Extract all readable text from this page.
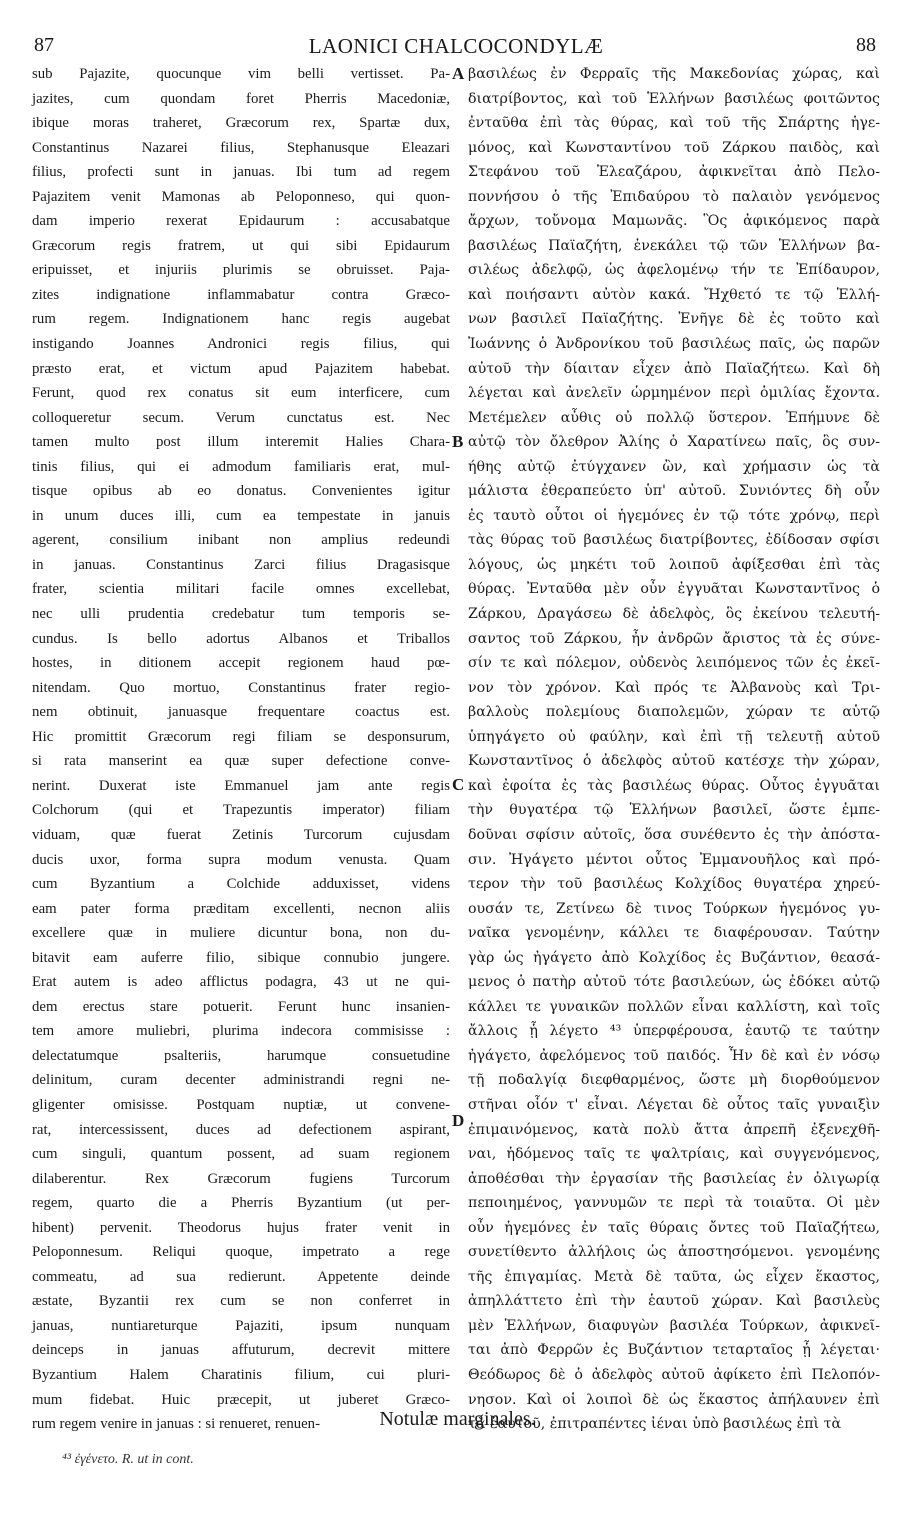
87	LAONICI CHALCOCONDYLÆ	88
sub Pajazite, quocunque vim belli vertisset. Pa-
jazites, cum quondam foret Pherris Macedoniæ,
ibique moras traheret, Græcorum rex, Spartæ dux,
Constantinus Nazarei filius, Stephanusque Eleazari
filius, profecti sunt in januas. Ibi tum ad regem
Pajazitem venit Mamonas ab Peloponneso, qui quon-
dam imperio rexerat Epidaurum : accusabatque
Græcorum regis fratrem, ut qui sibi Epidaurum
eripuisset, et injuriis plurimis se obruisset. Paja-
zites indignatione inflammabatur contra Græco-
rum regem. Indignationem hanc regis augebat
instigando Joannes Andronici regis filius, qui
præsto erat, et victum apud Pajazitem habebat.
Ferunt, quod rex conatus sit eum interficere, cum
colloqueretur secum. Verum cunctatus est. Nec
tamen multo post illum interemit Halies Chara-
tinis filius, qui ei admodum familiaris erat, mul-
tisque opibus ab eo donatus. Convenientes igitur
in unum duces illi, cum ea tempestate in januis
agerent, consilium inibant non amplius redeundi
in januas. Constantinus Zarci filius Dragasisque
frater, scientia militari facile omnes excellebat,
nec ulli prudentia credebatur tum temporis se-
cundus. Is bello adortus Albanos et Triballos
hostes, in ditionem accepit regionem haud pœ-
nitendam. Quo mortuo, Constantinus frater regio-
nem obtinuit, januasque frequentare coactus est.
Hic promittit Græcorum regi filiam se desponsurum,
si rata manserint ea quæ super defectione conve-
nerint. Duxerat iste Emmanuel jam ante regis
Colchorum (qui et Trapezuntis imperator) filiam
viduam, quæ fuerat Zetinis Turcorum cujusdam
ducis uxor, forma supra modum venusta. Quam
cum Byzantium a Colchide adduxisset, videns
eam pater forma præditam excellenti, necnon aliis
excellere quæ in muliere dicuntur bona, non du-
bitavit eam auferre filio, sibique connubio jungere.
Erat autem is adeo afflictus podagra, 43 ut ne qui-
dem erectus stare potuerit. Ferunt hunc insanien-
tem amore muliebri, plurima indecora commisisse :
delectatumque psalteriis, harumque consuetudine
delinitum, curam decenter administrandi regni ne-
gligenter omisisse. Postquam nuptiæ, ut convene-
rat, intercessissent, duces ad defectionem aspirant,
cum singuli, quantum possent, ad suam regionem
dilaberentur. Rex Græcorum fugiens Turcorum
regem, quarto die a Pherris Byzantium (ut per-
hibent) pervenit. Theodorus hujus frater venit in
Peloponnesum. Reliqui quoque, impetrato a rege
commeatu, ad sua redierunt. Appetente deinde
æstate, Byzantii rex cum se non conferret in
januas, nuntiareturque Pajaziti, ipsum nunquam
deinceps in januas affuturum, decrevit mittere
Byzantium Halem Charatinis filium, cui pluri-
mum fidebat. Huic præcepit, ut juberet Græco-
rum regem venire in januas : si renueret, renuen-
βασιλέως ἐν Φερραῖς τῆς Μακεδονίας χώρας, καὶ
διατρίβοντος, καὶ τοῦ Ἑλλήνων βασιλέως φοιτῶντος
ἐνταῦθα ἐπὶ τὰς θύρας, καὶ τοῦ τῆς Σπάρτης ἡγε-
μόνος, καὶ Κωνσταντίνου τοῦ Ζάρκου παιδὸς, καὶ
Στεφάνου τοῦ Ἐλεαζάρου, ἀφικνεῖται ἀπὸ Πελο-
ποννήσου ὁ τῆς Ἐπιδαύρου τὸ παλαιὸν γενόμενος
ἄρχων, τοὔνομα Μαμωνᾶς. Ὃς ἀφικόμενος παρὰ
βασιλέως Παϊαζήτη, ἐνεκάλει τῷ τῶν Ἑλλήνων βα-
σιλέως ἀδελφῷ, ὡς ἀφελομένῳ τήν τε Ἐπίδαυρον,
καὶ ποιήσαντι αὐτὸν κακά. Ἤχθετό τε τῷ Ἑλλή-
νων βασιλεῖ Παϊαζήτης. Ἐνῆγε δὲ ἐς τοῦτο καὶ
Ἰωάννης ὁ Ἀνδρονίκου τοῦ βασιλέως παῖς, ὡς παρῶν
αὐτοῦ τὴν δίαιταν εἶχεν ἀπὸ Παϊαζήτεω. Καὶ δὴ
λέγεται καὶ ἀνελεῖν ὡρμημένον περὶ ὁμιλίας ἔχοντα.
Μετέμελεν αὖθις οὐ πολλῷ ὕστερον. Ἐπήμυνε δὲ
αὐτῷ τὸν ὄλεθρον Ἀλίης ὁ Χαρατίνεω παῖς, ὃς συν-
ήθης αὐτῷ ἐτύγχανεν ὢν, καὶ χρήμασιν ὡς τὰ
μάλιστα ἐθεραπεύετο ὑπ' αὐτοῦ. Συνιόντες δὴ οὖν
ἐς ταυτὸ οὗτοι οἱ ἡγεμόνες ἐν τῷ τότε χρόνῳ, περὶ
τὰς θύρας τοῦ βασιλέως διατρίβοντες, ἐδίδοσαν σφίσι
λόγους, ὡς μηκέτι τοῦ λοιποῦ ἀφίξεσθαι ἐπὶ τὰς
θύρας. Ἐνταῦθα μὲν οὖν ἐγγυᾶται Κωνσταντῖνος ὁ
Ζάρκου, Δραγάσεω δὲ ἀδελφὸς, ὃς ἐκείνου τελευτή-
σαντος τοῦ Ζάρκου, ἦν ἀνδρῶν ἄριστος τὰ ἐς σύνε-
σίν τε καὶ πόλεμον, οὐδενὸς λειπόμενος τῶν ἐς ἐκεῖ-
νον τὸν χρόνον. Καὶ πρός τε Ἀλβανοὺς καὶ Τρι-
βαλλοὺς πολεμίους διαπολεμῶν, χώραν τε αὑτῷ
ὑπηγάγετο οὐ φαύλην, καὶ ἐπὶ τῇ τελευτῇ αὐτοῦ
Κωνσταντῖνος ὁ ἀδελφὸς αὐτοῦ κατέσχε τὴν χώραν,
καὶ ἐφοίτα ἐς τὰς βασιλέως θύρας. Οὗτος ἐγγυᾶται
τὴν θυγατέρα τῷ Ἑλλήνων βασιλεῖ, ὥστε ἐμπε-
δοῦναι σφίσιν αὐτοῖς, ὅσα συνέθεντο ἐς τὴν ἀπόστα-
σιν. Ἠγάγετο μέντοι οὗτος Ἐμμανουῆλος καὶ πρό-
τερον τὴν τοῦ βασιλέως Κολχίδος θυγατέρα χηρεύ-
ουσάν τε, Ζετίνεω δὲ τινος Τούρκων ἡγεμόνος γυ-
ναῖκα γενομένην, κάλλει τε διαφέρουσαν. Ταύτην
γὰρ ὡς ἠγάγετο ἀπὸ Κολχίδος ἐς Βυζάντιον, θεασά-
μενος ὁ πατὴρ αὐτοῦ τότε βασιλεύων, ὡς ἐδόκει αὐτῷ
κάλλει τε γυναικῶν πολλῶν εἶναι καλλίστη, καὶ τοῖς
ἄλλοις ᾗ λέγετο ⁴³ ὑπερφέρουσα, ἑαυτῷ τε ταύτην
ἠγάγετο, ἀφελόμενος τοῦ παιδός. Ἦν δὲ καὶ ἐν νόσῳ
τῇ ποδαλγίᾳ διεφθαρμένος, ὥστε μὴ διορθούμενον
στῆναι οἷόν τ' εἶναι. Λέγεται δὲ οὗτος ταῖς γυναιξὶν
ἐπιμαινόμενος, κατὰ πολὺ ἄττα ἀπρεπῆ ἐξενεχθῆ-
ναι, ἡδόμενος ταῖς τε ψαλτρίαις, καὶ συγγενόμενος,
ἀποθέσθαι τὴν ἐργασίαν τῆς βασιλείας ἐν ὀλιγωρίᾳ
πεποιημένος, γαννυμῶν τε περὶ τὰ τοιαῦτα. Οἱ μὲν
οὖν ἡγεμόνες ἐν ταῖς θύραις ὄντες τοῦ Παϊαζήτεω,
συνετίθεντο ἀλλήλοις ὡς ἀποστησόμενοι. γενομένης
τῆς ἐπιγαμίας. Μετὰ δὲ ταῦτα, ὡς εἶχεν ἕκαστος,
ἀπηλλάττετο ἐπὶ τὴν ἑαυτοῦ χώραν. Καὶ βασιλεὺς
μὲν Ἑλλήνων, διαφυγὼν βασιλέα Τούρκων, ἀφικνεῖ-
ται ἀπὸ Φερρῶν ἐς Βυζάντιον τεταρταῖος ᾗ λέγεται·
Θεόδωρος δὲ ὁ ἀδελφὸς αὐτοῦ ἀφίκετο ἐπὶ Πελοπόν-
νησον. Καὶ οἱ λοιποὶ δὲ ὡς ἕκαστος ἀπήλαυνεν ἐπὶ
τὰ ἑαυτοῦ, ἐπιτραπέντες ἰέναι ὑπὸ βασιλέως ἐπὶ τὰ
A
B
C
D
Notulæ marginales.
⁴³ ἐγένετο. R. ut in cont.
